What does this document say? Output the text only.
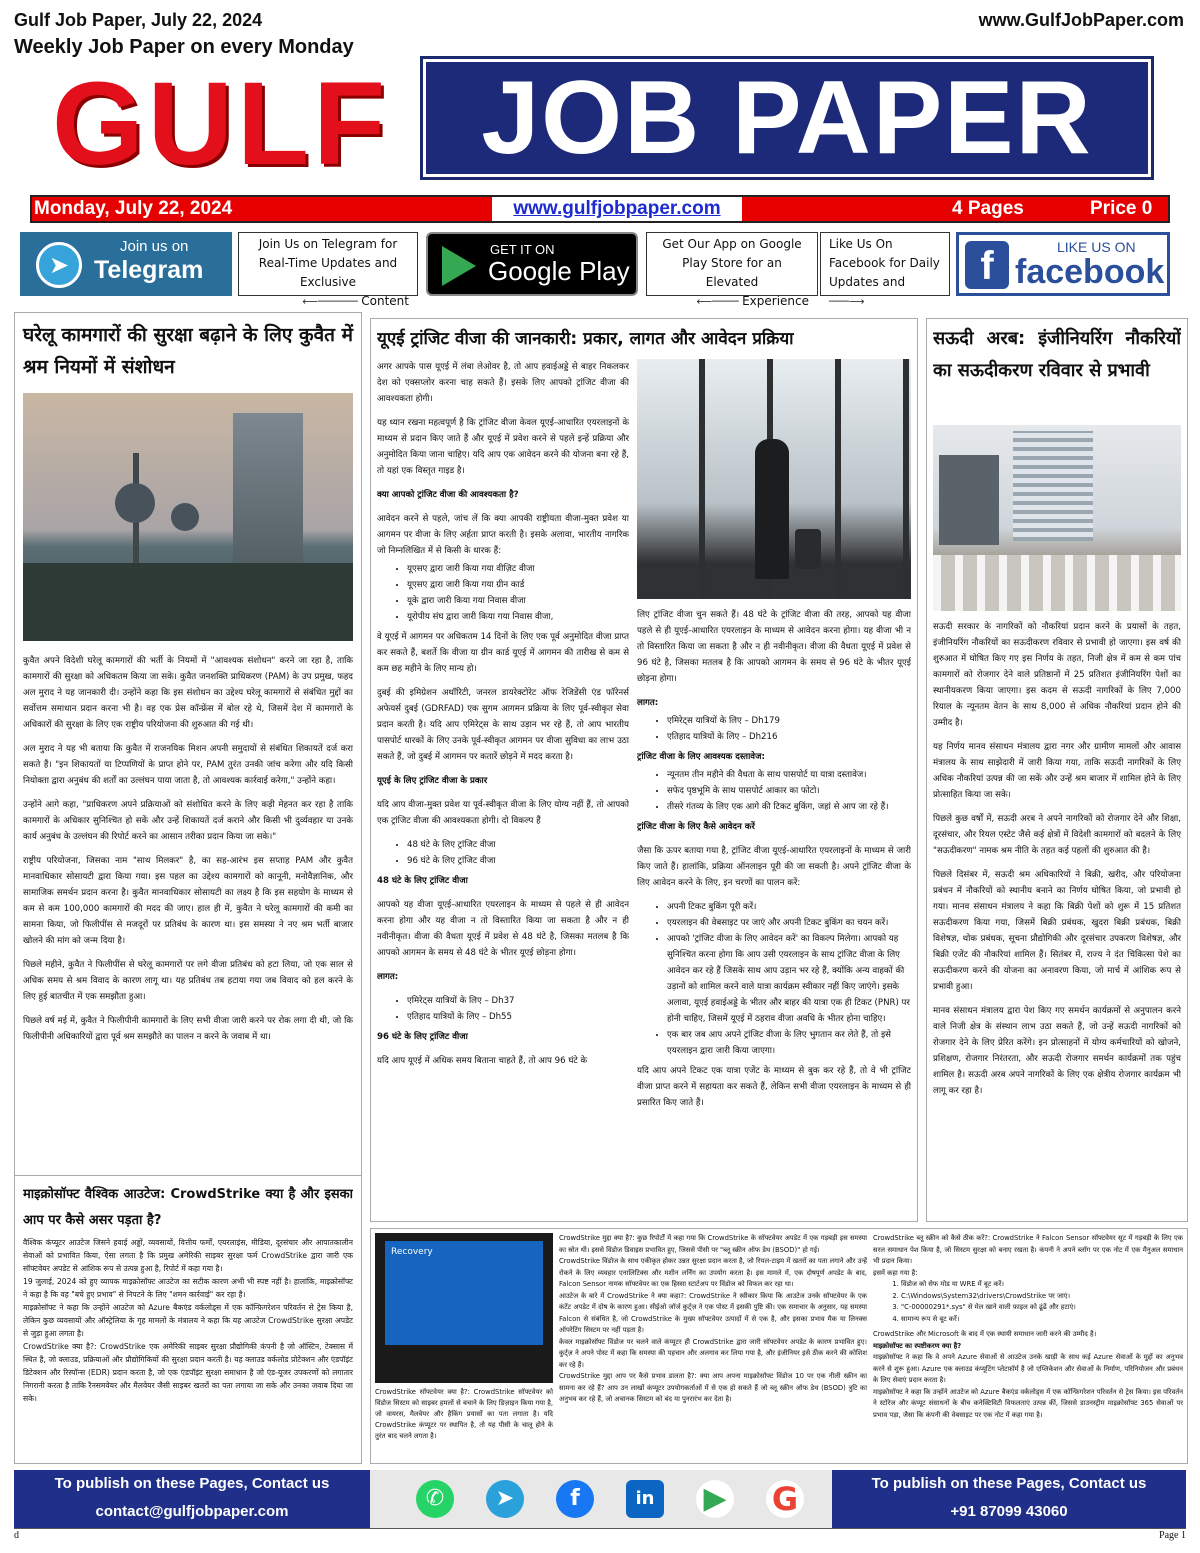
Gulf Job Paper, July 22, 2024
Weekly Job Paper on every Monday
www.GulfJobPaper.com
GULF JOB PAPER
Monday, July 22, 2024	www.gulfjobpaper.com	4 Pages	Price 0
➤
Join us on
Telegram
Join Us on Telegram for Real-Time Updates and Exclusive
⟵────── Content
GET IT ON
Google Play
Get Our App on Google Play Store for an Elevated
⟵──── Experience
Like Us On Facebook for Daily
Updates and ───⟶
f	LIKE US ON
facebook
घरेलू कामगारों की सुरक्षा बढ़ाने के लिए कुवैत में श्रम नियमों में संशोधन

कुवैत अपने विदेशी घरेलू कामगारों की भर्ती के नियमों में "आवश्यक संशोधन" करने जा रहा है, ताकि कामगारों की सुरक्षा को अधिकतम किया जा सके। कुवैत जनशक्ति प्राधिकरण (PAM) के उप प्रमुख, फहद अल मुराद ने यह जानकारी दी। उन्होंने कहा कि इस संशोधन का उद्देश्य घरेलू कामगारों से संबंधित मुद्दों का सर्वोत्तम समाधान प्रदान करना भी है। वह एक प्रेस कॉन्फ्रेंस में बोल रहे थे, जिसमें देश में कामगारों के अधिकारों की सुरक्षा के लिए एक राष्ट्रीय परियोजना की शुरुआत की गई थी।

अल मुराद ने यह भी बताया कि कुवैत में राजनयिक मिशन अपनी समुदायों से संबंधित शिकायतें दर्ज करा सकते हैं। "इन शिकायतों या टिप्पणियों के प्राप्त होने पर, PAM तुरंत उनकी जांच करेगा और यदि किसी नियोक्ता द्वारा अनुबंध की शर्तों का उल्लंघन पाया जाता है, तो आवश्यक कार्रवाई करेगा," उन्होंने कहा।

उन्होंने आगे कहा, "प्राधिकरण अपने प्रक्रियाओं को संशोधित करने के लिए कड़ी मेहनत कर रहा है ताकि कामगारों के अधिकार सुनिश्चित हो सकें और उन्हें शिकायतें दर्ज कराने और किसी भी दुर्व्यवहार या उनके कार्य अनुबंध के उल्लंघन की रिपोर्ट करने का आसान तरीका प्रदान किया जा सके।"

राष्ट्रीय परियोजना, जिसका नाम "साथ मिलकर" है, का सह-आरंभ इस सप्ताह PAM और कुवैत मानवाधिकार सोसायटी द्वारा किया गया। इस पहल का उद्देश्य कामगारों को कानूनी, मनोवैज्ञानिक, और सामाजिक समर्थन प्रदान करना है। कुवैत मानवाधिकार सोसायटी का लक्ष्य है कि इस सहयोग के माध्यम से कम से कम 100,000 कामगारों की मदद की जाए। हाल ही में, कुवैत ने घरेलू कामगारों की कमी का सामना किया, जो फिलीपींस से मजदूरों पर प्रतिबंध के कारण था। इस समस्या ने नए श्रम भर्ती बाजार खोलने की मांग को जन्म दिया है।

पिछले महीने, कुवैत ने फिलीपींस से घरेलू कामगारों पर लगे वीजा प्रतिबंध को हटा लिया, जो एक साल से अधिक समय से श्रम विवाद के कारण लागू था। यह प्रतिबंध तब हटाया गया जब विवाद को हल करने के लिए हुई बातचीत में एक समझौता हुआ।

पिछले वर्ष मई में, कुवैत ने फिलीपीनी कामगारों के लिए सभी वीजा जारी करने पर रोक लगा दी थी, जो कि फिलीपीनी अधिकारियों द्वारा पूर्व श्रम समझौते का पालन न करने के जवाब में था।

माइक्रोसॉफ्ट वैश्विक आउटेज: CrowdStrike क्या है और इसका आप पर कैसे असर पड़ता है?

वैश्विक कंप्यूटर आउटेज जिसने हवाई अड्डों, व्यवसायों, वित्तीय फर्मों, एयरलाइंस, मीडिया, दूरसंचार और आपातकालीन सेवाओं को प्रभावित किया, ऐसा लगता है कि प्रमुख अमेरिकी साइबर सुरक्षा फर्म CrowdStrike द्वारा जारी एक सॉफ्टवेयर अपडेट से आंशिक रूप से उत्पन्न हुआ है, रिपोर्ट में कहा गया है।

19 जुलाई, 2024 को हुए व्यापक माइक्रोसॉफ्ट आउटेज का सटीक कारण अभी भी स्पष्ट नहीं है। हालांकि, माइक्रोसॉफ्ट ने कहा है कि वह "बचे हुए प्रभाव" से निपटने के लिए "शमन कार्रवाई" कर रहा है।

माइक्रोसॉफ्ट ने कहा कि उन्होंने आउटेज को Azure बैकएंड वर्कलोड्स में एक कॉन्फ़िगरेशन परिवर्तन से ट्रेस किया है, लेकिन कुछ व्यवसायों और ऑस्ट्रेलिया के गृह मामलों के मंत्रालय ने कहा कि यह आउटेज CrowdStrike सुरक्षा अपडेट से जुड़ा हुआ लगता है।

CrowdStrike क्या है?: CrowdStrike एक अमेरिकी साइबर सुरक्षा प्रौद्योगिकी कंपनी है जो ऑस्टिन, टेक्सास में स्थित है, जो क्लाउड, प्रक्रियाओं और प्रौद्योगिकियों की सुरक्षा प्रदान करती है। यह क्लाउड वर्कलोड प्रोटेक्शन और एंडपॉइंट डिटेक्शन और रिस्पॉन्स (EDR) प्रदान करता है, जो एक एंडपॉइंट सुरक्षा समाधान है जो एंड-यूजर उपकरणों को लगातार निगरानी करता है ताकि रैनसमवेयर और मैलवेयर जैसी साइबर खतरों का पता लगाया जा सके और उनका जवाब दिया जा सके।

यूएई ट्रांजिट वीजा की जानकारी: प्रकार, लागत और आवेदन प्रक्रिया

अगर आपके पास यूएई में लंबा लेओवर है, तो आप हवाईअड्डे से बाहर निकलकर देश को एक्सप्लोर करना चाह सकते हैं। इसके लिए आपको ट्रांजिट वीजा की आवश्यकता होगी।

यह ध्यान रखना महत्वपूर्ण है कि ट्रांजिट वीजा केवल यूएई-आधारित एयरलाइनों के माध्यम से प्रदान किए जाते हैं और यूएई में प्रवेश करने से पहले इन्हें प्रक्रिया और अनुमोदित किया जाना चाहिए। यदि आप एक आवेदन करने की योजना बना रहे हैं, तो यहां एक विस्तृत गाइड है।

क्या आपको ट्रांजिट वीजा की आवश्यकता है?

आवेदन करने से पहले, जांच लें कि क्या आपकी राष्ट्रीयता वीजा-मुक्त प्रवेश या आगमन पर वीजा के लिए अर्हता प्राप्त करती है। इसके अलावा, भारतीय नागरिक जो निम्नलिखित में से किसी के धारक हैं:

• यूएसए द्वारा जारी किया गया वीज़िट वीजा
• यूएसए द्वारा जारी किया गया ग्रीन कार्ड
• यूके द्वारा जारी किया गया निवास वीजा
• यूरोपीय संघ द्वारा जारी किया गया निवास वीजा,

वे यूएई में आगमन पर अधिकतम 14 दिनों के लिए एक पूर्व अनुमोदित वीजा प्राप्त कर सकते हैं, बशर्ते कि वीजा या ग्रीन कार्ड यूएई में आगमन की तारीख से कम से कम छह महीने के लिए मान्य हो।

दुबई की इमिग्रेशन अथॉरिटी, जनरल डायरेक्टोरेट ऑफ रेजिडेंसी एंड फॉरेनर्स अफेयर्स दुबई (GDRFAD) एक सुगम आगमन प्रक्रिया के लिए पूर्व-स्वीकृत सेवा प्रदान करती है। यदि आप एमिरेट्स के साथ उड़ान भर रहे हैं, तो आप भारतीय पासपोर्ट धारकों के लिए उनके पूर्व-स्वीकृत आगमन पर वीजा सुविधा का लाभ उठा सकते हैं, जो दुबई में आगमन पर कतारें छोड़ने में मदद करता है।

यूएई के लिए ट्रांजिट वीजा के प्रकार

यदि आप वीजा-मुक्त प्रवेश या पूर्व-स्वीकृत वीजा के लिए योग्य नहीं हैं, तो आपको एक ट्रांजिट वीजा की आवश्यकता होगी। दो विकल्प हैं

• 48 घंटे के लिए ट्रांजिट वीजा
• 96 घंटे के लिए ट्रांजिट वीजा

48 घंटे के लिए ट्रांजिट वीजा

आपको यह वीजा यूएई-आधारित एयरलाइन के माध्यम से पहले से ही आवेदन करना होगा और यह वीजा न तो विस्तारित किया जा सकता है और न ही नवीनीकृत। वीजा की वैधता यूएई में प्रवेश से 48 घंटे है, जिसका मतलब है कि आपको आगमन के समय से 48 घंटे के भीतर यूएई छोड़ना होगा।

लागत:

• एमिरेट्स यात्रियों के लिए – Dh37
• एतिहाद यात्रियों के लिए – Dh55

96 घंटे के लिए ट्रांजिट वीजा

यदि आप यूएई में अधिक समय बिताना चाहते हैं, तो आप 96 घंटे के

लिए ट्रांजिट वीजा चुन सकते हैं। 48 घंटे के ट्रांजिट वीजा की तरह, आपको यह वीजा पहले से ही यूएई-आधारित एयरलाइन के माध्यम से आवेदन करना होगा। यह वीजा भी न तो विस्तारित किया जा सकता है और न ही नवीनीकृत। वीजा की वैधता यूएई में प्रवेश से 96 घंटे है, जिसका मतलब है कि आपको आगमन के समय से 96 घंटे के भीतर यूएई छोड़ना होगा।

लागत:

• एमिरेट्स यात्रियों के लिए – Dh179
• एतिहाद यात्रियों के लिए – Dh216

ट्रांजिट वीजा के लिए आवश्यक दस्तावेज:

• न्यूनतम तीन महीने की वैधता के साथ पासपोर्ट या यात्रा दस्तावेज।
• सफेद पृष्ठभूमि के साथ पासपोर्ट आकार का फोटो।
• तीसरे गंतव्य के लिए एक आगे की टिकट बुकिंग, जहां से आप जा रहे हैं।

ट्रांजिट वीजा के लिए कैसे आवेदन करें

जैसा कि ऊपर बताया गया है, ट्रांजिट वीजा यूएई-आधारित एयरलाइनों के माध्यम से जारी किए जाते हैं। हालांकि, प्रक्रिया ऑनलाइन पूरी की जा सकती है। अपने ट्रांजिट वीजा के लिए आवेदन करने के लिए, इन चरणों का पालन करें:

• अपनी टिकट बुकिंग पूरी करें।
• एयरलाइन की वेबसाइट पर जाएं और अपनी टिकट बुकिंग का चयन करें।
• आपको 'ट्रांजिट वीजा के लिए आवेदन करें' का विकल्प मिलेगा। आपको यह सुनिश्चित करना होगा कि आप उसी एयरलाइन के साथ ट्रांजिट वीजा के लिए आवेदन कर रहे हैं जिसके साथ आप उड़ान भर रहे हैं, क्योंकि अन्य वाहकों की उड़ानों को शामिल करने वाले यात्रा कार्यक्रम स्वीकार नहीं किए जाएंगे। इसके अलावा, यूएई हवाईअड्डे के भीतर और बाहर की यात्रा एक ही टिकट (PNR) पर होनी चाहिए, जिसमें यूएई में ठहराव वीजा अवधि के भीतर होना चाहिए।
• एक बार जब आप अपने ट्रांजिट वीजा के लिए भुगतान कर लेते हैं, तो इसे एयरलाइन द्वारा जारी किया जाएगा।

यदि आप अपने टिकट एक यात्रा एजेंट के माध्यम से बुक कर रहे हैं, तो वे भी ट्रांजिट वीजा प्राप्त करने में सहायता कर सकते हैं, लेकिन सभी वीजा एयरलाइन के माध्यम से ही प्रसारित किए जाते हैं।

Recovery

CrowdStrike सॉफ्टवेयर क्या है?: CrowdStrike सॉफ्टवेयर को विंडोज सिस्टम को साइबर हमलों से बचाने के लिए डिज़ाइन किया गया है, जो वायरस, मैलवेयर और हैकिंग प्रयासों का पता लगाता है। यदि CrowdStrike कंप्यूटर पर स्थापित है, तो यह पीसी के चालू होने के तुरंत बाद चलने लगता है।

CrowdStrike मुद्दा क्या है?: कुछ रिपोर्टों में कहा गया कि CrowdStrike के सॉफ्टवेयर अपडेट में एक गड़बड़ी इस समस्या का स्रोत थी। इससे विंडोज डिवाइस प्रभावित हुए, जिससे पीसी पर "ब्लू स्क्रीन ऑफ डेथ (BSOD)" हो गई।

CrowdStrike विंडोज के साथ एकीकृत होकर उन्नत सुरक्षा प्रदान करता है, जो रियल-टाइम में खतरों का पता लगाने और उन्हें रोकने के लिए व्यवहार एनालिटिक्स और मशीन लर्निंग का उपयोग करता है। इस मामले में, एक दोषपूर्ण अपडेट के बाद, Falcon Sensor नामक सॉफ्टवेयर का एक हिस्सा स्टार्टअप पर विंडोज को विफल कर रहा था।

आउटेज के बारे में CrowdStrike ने क्या कहा?: CrowdStrike ने स्वीकार किया कि आउटेज उनके सॉफ्टवेयर के एक कंटेंट अपडेट में दोष के कारण हुआ। सीईओ जॉर्ज कुर्ट्ज़ ने एक पोस्ट में इसकी पुष्टि की। एक समाचार के अनुसार, यह समस्या Falcon से संबंधित है, जो CrowdStrike के मुख्य सॉफ्टवेयर उत्पादों में से एक है, और इसका प्रभाव मैक या लिनक्स ऑपरेटिंग सिस्टम पर नहीं पड़ता है।

केवल माइक्रोसॉफ्ट विंडोज पर चलने वाले कंप्यूटर ही CrowdStrike द्वारा जारी सॉफ्टवेयर अपडेट के कारण प्रभावित हुए। कुर्ट्ज़ ने अपने पोस्ट में कहा कि समस्या की पहचान और अलगाव कर लिया गया है, और इंजीनियर इसे ठीक करने की कोशिश कर रहे हैं।

CrowdStrike मुद्दा आप पर कैसे प्रभाव डालता है?: क्या आप अपना माइक्रोसॉफ्ट विंडोज 10 पर एक नीली स्क्रीन का सामना कर रहे हैं? आप उन लाखों कंप्यूटर उपयोगकर्ताओं में से एक हो सकते हैं जो ब्लू स्क्रीन ऑफ डेथ (BSOD) त्रुटि का अनुभव कर रहे हैं, जो अचानक सिस्टम को बंद या पुनरारंभ कर देता है।

CrowdStrike ब्लू स्क्रीन को कैसे ठीक करें?: CrowdStrike ने Falcon Sensor सॉफ्टवेयर सूट में गड़बड़ी के लिए एक सरल समाधान पेश किया है, जो सिस्टम सुरक्षा को बनाए रखता है। कंपनी ने अपने ब्लॉग पर एक नोट में एक मैनुअल समाधान भी प्रदान किया।

इसमें कहा गया है:

1. विंडोज को सेफ मोड या WRE में बूट करें।
2. C:\Windows\System32\drivers\CrowdStrike पर जाएं।
3. "C-00000291*.sys" से मेल खाने वाली फ़ाइल को ढूंढें और हटाएं।
4. सामान्य रूप से बूट करें।

CrowdStrike और Microsoft के बाद में एक स्थायी समाधान जारी करने की उम्मीद है।

माइक्रोसॉफ्ट का स्पष्टीकरण क्या है?

माइक्रोसॉफ्ट ने कहा कि वे अपने Azure सेवाओं से आउटेज उनके खाड़ी के साथ कई Azure सेवाओं के मुद्दों का अनुभव करने से शुरू हुआ। Azure एक क्लाउड कंप्यूटिंग प्लेटफ़ॉर्म है जो एप्लिकेशन और सेवाओं के निर्माण, परिनियोजन और प्रबंधन के लिए सेवाएं प्रदान करता है।

माइक्रोसॉफ्ट ने कहा कि उन्होंने आउटेज को Azure बैकएंड वर्कलोड्स में एक कॉन्फ़िगरेशन परिवर्तन से ट्रेस किया। इस परिवर्तन ने स्टोरेज और कंप्यूट संसाधनों के बीच कनेक्टिविटी विफलताएं उत्पन्न कीं, जिससे डाउनस्ट्रीम माइक्रोसॉफ्ट 365 सेवाओं पर प्रभाव पड़ा, जैसा कि कंपनी की वेबसाइट पर एक नोट में कहा गया है।

सऊदी अरब: इंजीनियरिंग नौकरियों का सऊदीकरण रविवार से प्रभावी

सऊदी सरकार के नागरिकों को नौकरियां प्रदान करने के प्रयासों के तहत, इंजीनियरिंग नौकरियों का सऊदीकरण रविवार से प्रभावी हो जाएगा। इस वर्ष की शुरुआत में घोषित किए गए इस निर्णय के तहत, निजी क्षेत्र में कम से कम पांच कामगारों को रोजगार देने वाले प्रतिष्ठानों में 25 प्रतिशत इंजीनियरिंग पेशों का स्थानीयकरण किया जाएगा। इस कदम से सऊदी नागरिकों के लिए 7,000 रियाल के न्यूनतम वेतन के साथ 8,000 से अधिक नौकरियां प्रदान होने की उम्मीद है।

यह निर्णय मानव संसाधन मंत्रालय द्वारा नगर और ग्रामीण मामलों और आवास मंत्रालय के साथ साझेदारी में जारी किया गया, ताकि सऊदी नागरिकों के लिए अधिक नौकरियां उत्पन्न की जा सकें और उन्हें श्रम बाजार में शामिल होने के लिए प्रोत्साहित किया जा सके।

पिछले कुछ वर्षों में, सऊदी अरब ने अपने नागरिकों को रोजगार देने और शिक्षा, दूरसंचार, और रियल एस्टेट जैसे कई क्षेत्रों में विदेशी कामगारों को बदलने के लिए "सऊदीकरण" नामक श्रम नीति के तहत कई पहलों की शुरुआत की है।

पिछले दिसंबर में, सऊदी श्रम अधिकारियों ने बिक्री, खरीद, और परियोजना प्रबंधन में नौकरियों को स्थानीय बनाने का निर्णय घोषित किया, जो प्रभावी हो गया। मानव संसाधन मंत्रालय ने कहा कि बिक्री पेशों को शुरू में 15 प्रतिशत सऊदीकरण किया गया, जिसमें बिक्री प्रबंधक, खुदरा बिक्री प्रबंधक, बिक्री विशेषज्ञ, थोक प्रबंधक, सूचना प्रौद्योगिकी और दूरसंचार उपकरण विशेषज्ञ, और बिक्री एजेंट की नौकरियां शामिल हैं। सितंबर में, राज्य ने दंत चिकित्सा पेशे का सऊदीकरण करने की योजना का अनावरण किया, जो मार्च में आंशिक रूप से प्रभावी हुआ।

मानव संसाधन मंत्रालय द्वारा पेश किए गए समर्थन कार्यक्रमों से अनुपालन करने वाले निजी क्षेत्र के संस्थान लाभ उठा सकते हैं, जो उन्हें सऊदी नागरिकों को रोजगार देने के लिए प्रेरित करेंगे। इन प्रोत्साहनों में योग्य कर्मचारियों को खोजने, प्रशिक्षण, रोजगार निरंतरता, और सऊदी रोजगार समर्थन कार्यक्रमों तक पहुंच शामिल है। सऊदी अरब अपने नागरिकों के लिए एक क्षेत्रीय रोजगार कार्यक्रम भी लागू कर रहा है।

To publish on these Pages, Contact us
contact@gulfjobpaper.com
✆	➤	f	in	▶ G	To publish on these Pages, Contact us
+91 87099 43060
d	Page 1
